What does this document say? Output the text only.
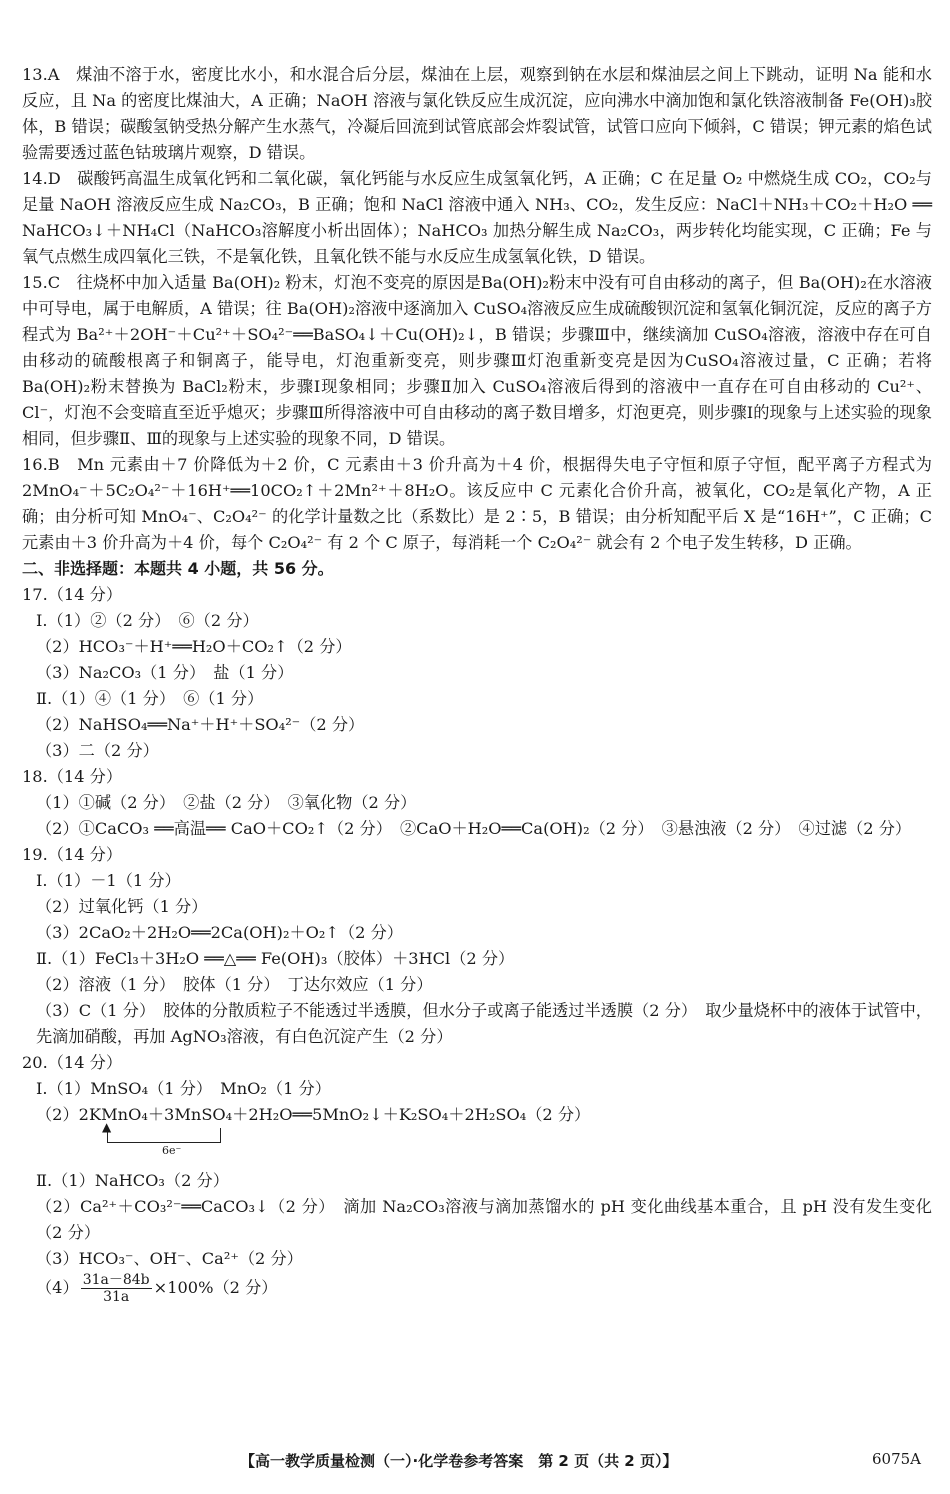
13.A　煤油不溶于水，密度比水小，和水混合后分层，煤油在上层，观察到钠在水层和煤油层之间上下跳动，证明 Na 能和水反应，且 Na 的密度比煤油大，A 正确；NaOH 溶液与氯化铁反应生成沉淀，应向沸水中滴加饱和氯化铁溶液制备 Fe(OH)₃胶体，B 错误；碳酸氢钠受热分解产生水蒸气，冷凝后回流到试管底部会炸裂试管，试管口应向下倾斜，C 错误；钾元素的焰色试验需要透过蓝色钴玻璃片观察，D 错误。

14.D　碳酸钙高温生成氧化钙和二氧化碳，氧化钙能与水反应生成氢氧化钙，A 正确；C 在足量 O₂ 中燃烧生成 CO₂，CO₂与足量 NaOH 溶液反应生成 Na₂CO₃，B 正确；饱和 NaCl 溶液中通入 NH₃、CO₂，发生反应：NaCl＋NH₃＋CO₂＋H₂O ══ NaHCO₃↓＋NH₄Cl（NaHCO₃溶解度小析出固体）；NaHCO₃ 加热分解生成 Na₂CO₃，两步转化均能实现，C 正确；Fe 与氧气点燃生成四氧化三铁，不是氧化铁，且氧化铁不能与水反应生成氢氧化铁，D 错误。

15.C　往烧杯中加入适量 Ba(OH)₂ 粉末，灯泡不变亮的原因是Ba(OH)₂粉末中没有可自由移动的离子，但 Ba(OH)₂在水溶液中可导电，属于电解质，A 错误；往 Ba(OH)₂溶液中逐滴加入 CuSO₄溶液反应生成硫酸钡沉淀和氢氧化铜沉淀，反应的离子方程式为 Ba²⁺＋2OH⁻＋Cu²⁺＋SO₄²⁻══BaSO₄↓＋Cu(OH)₂↓，B 错误；步骤Ⅲ中，继续滴加 CuSO₄溶液，溶液中存在可自由移动的硫酸根离子和铜离子，能导电，灯泡重新变亮，则步骤Ⅲ灯泡重新变亮是因为CuSO₄溶液过量，C 正确；若将 Ba(OH)₂粉末替换为 BaCl₂粉末，步骤Ⅰ现象相同；步骤Ⅱ加入 CuSO₄溶液后得到的溶液中一直存在可自由移动的 Cu²⁺、Cl⁻，灯泡不会变暗直至近乎熄灭；步骤Ⅲ所得溶液中可自由移动的离子数目增多，灯泡更亮，则步骤Ⅰ的现象与上述实验的现象相同，但步骤Ⅱ、Ⅲ的现象与上述实验的现象不同，D 错误。

16.B　Mn 元素由＋7 价降低为＋2 价，C 元素由＋3 价升高为＋4 价，根据得失电子守恒和原子守恒，配平离子方程式为 2MnO₄⁻＋5C₂O₄²⁻＋16H⁺══10CO₂↑＋2Mn²⁺＋8H₂O。该反应中 C 元素化合价升高，被氧化，CO₂是氧化产物，A 正确；由分析可知 MnO₄⁻、C₂O₄²⁻ 的化学计量数之比（系数比）是 2∶5，B 错误；由分析知配平后 X 是“16H⁺”，C 正确；C 元素由＋3 价升高为＋4 价，每个 C₂O₄²⁻ 有 2 个 C 原子，每消耗一个 C₂O₄²⁻ 就会有 2 个电子发生转移，D 正确。

二、非选择题：本题共 4 小题，共 56 分。

17.（14 分）

Ⅰ.（1）②（2 分）　⑥（2 分）

（2）HCO₃⁻＋H⁺══H₂O＋CO₂↑（2 分）

（3）Na₂CO₃（1 分）　盐（1 分）

Ⅱ.（1）④（1 分）　⑥（1 分）

（2）NaHSO₄══Na⁺＋H⁺＋SO₄²⁻（2 分）

（3）二（2 分）

18.（14 分）

（1）①碱（2 分）　②盐（2 分）　③氧化物（2 分）

（2）①CaCO₃ ══高温══ CaO＋CO₂↑（2 分）　②CaO＋H₂O══Ca(OH)₂（2 分）　③悬浊液（2 分）　④过滤（2 分）

19.（14 分）

Ⅰ.（1）－1（1 分）

（2）过氧化钙（1 分）

（3）2CaO₂＋2H₂O══2Ca(OH)₂＋O₂↑（2 分）

Ⅱ.（1）FeCl₃＋3H₂O ══△══ Fe(OH)₃（胶体）＋3HCl（2 分）

（2）溶液（1 分）　胶体（1 分）　丁达尔效应（1 分）

（3）C（1 分）　胶体的分散质粒子不能透过半透膜，但水分子或离子能透过半透膜（2 分）　取少量烧杯中的液体于试管中，先滴加硝酸，再加 AgNO₃溶液，有白色沉淀产生（2 分）

20.（14 分）

Ⅰ.（1）MnSO₄（1 分）　MnO₂（1 分）

（2）2KMnO₄＋3MnSO₄＋2H₂O══5MnO₂↓＋K₂SO₄＋2H₂SO₄（2 分）

▲
6e⁻

Ⅱ.（1）NaHCO₃（2 分）

（2）Ca²⁺＋CO₃²⁻══CaCO₃↓（2 分）　滴加 Na₂CO₃溶液与滴加蒸馏水的 pH 变化曲线基本重合，且 pH 没有发生变化（2 分）

（3）HCO₃⁻、OH⁻、Ca²⁺（2 分）

$(4) \frac{31a-84b}{31a} \times 100\%(2$ 分）

【高一教学质量检测（一）·化学卷参考答案　第 2 页（共 2 页）】	6075A
